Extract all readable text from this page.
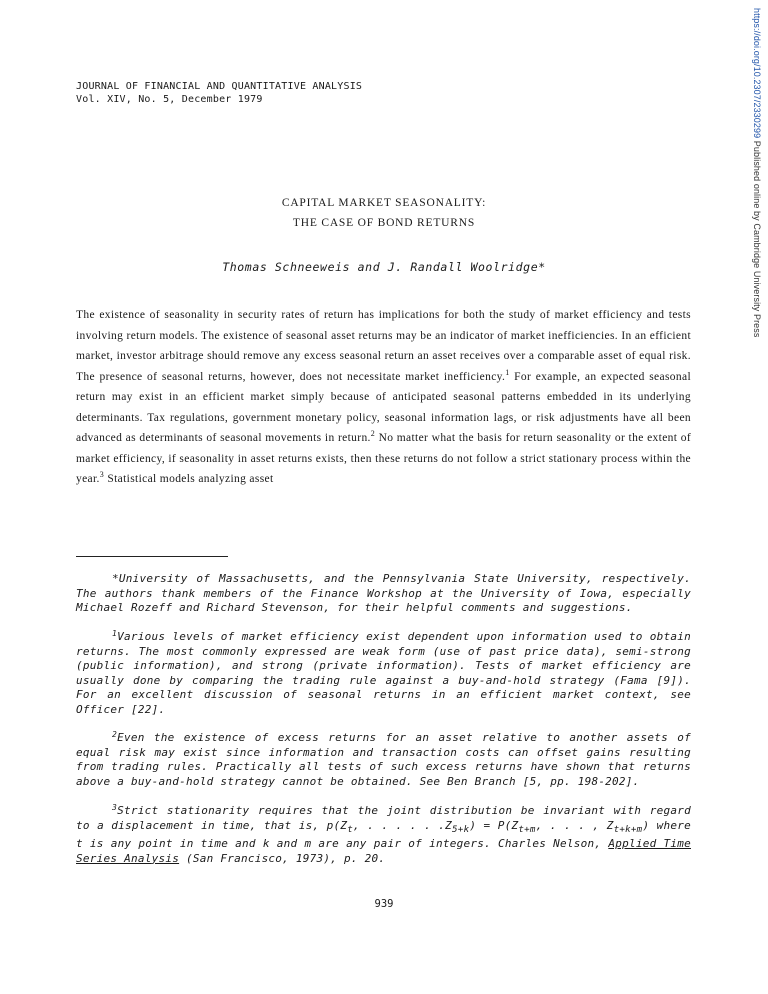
JOURNAL OF FINANCIAL AND QUANTITATIVE ANALYSIS
Vol. XIV, No. 5, December 1979	https://doi.org/10.2307/2330299 Published online by Cambridge University Press
CAPITAL MARKET SEASONALITY:
THE CASE OF BOND RETURNS
Thomas Schneeweis and J. Randall Woolridge*
The existence of seasonality in security rates of return has implications for both the study of market efficiency and tests involving return models. The existence of seasonal asset returns may be an indicator of market inefficiencies. In an efficient market, investor arbitrage should remove any excess seasonal return an asset receives over a comparable asset of equal risk. The presence of seasonal returns, however, does not necessitate market inefficiency.$^1$ For example, an expected seasonal return may exist in an efficient market simply because of anticipated seasonal patterns embedded in its underlying determinants. Tax regulations, government monetary policy, seasonal information lags, or risk adjustments have all been advanced as determinants of seasonal movements in return.$^2$ No matter what the basis for return seasonality or the extent of market efficiency, if seasonality in asset returns exists, then these returns do not follow a strict stationary process within the year.$^3$ Statistical models analyzing asset
*University of Massachusetts, and the Pennsylvania State University, respectively. The authors thank members of the Finance Workshop at the University of Iowa, especially Michael Rozeff and Richard Stevenson, for their helpful comments and suggestions.
$^1$Various levels of market efficiency exist dependent upon information used to obtain returns. The most commonly expressed are weak form (use of past price data), semi-strong (public information), and strong (private information). Tests of market efficiency are usually done by comparing the trading rule against a buy-and-hold strategy (Fama [9]). For an excellent discussion of seasonal returns in an efficient market context, see Officer [22].
$^2$Even the existence of excess returns for an asset relative to another assets of equal risk may exist since information and transaction costs can offset gains resulting from trading rules. Practically all tests of such excess returns have shown that returns above a buy-and-hold strategy cannot be obtained. See Ben Branch [5, pp. 198-202].
$^3$Strict stationarity requires that the joint distribution be invariant with regard to a displacement in time, that is, $p(Z_t$, . . . . . $.Z_{5+k}) = P(Z_{t+m}$, . . . , $Z_{t+k+m}$) where t is any point in time and k and m are any pair of integers. Charles Nelson, Applied Time Series Analysis (San Francisco, 1973), p. 20.
939
